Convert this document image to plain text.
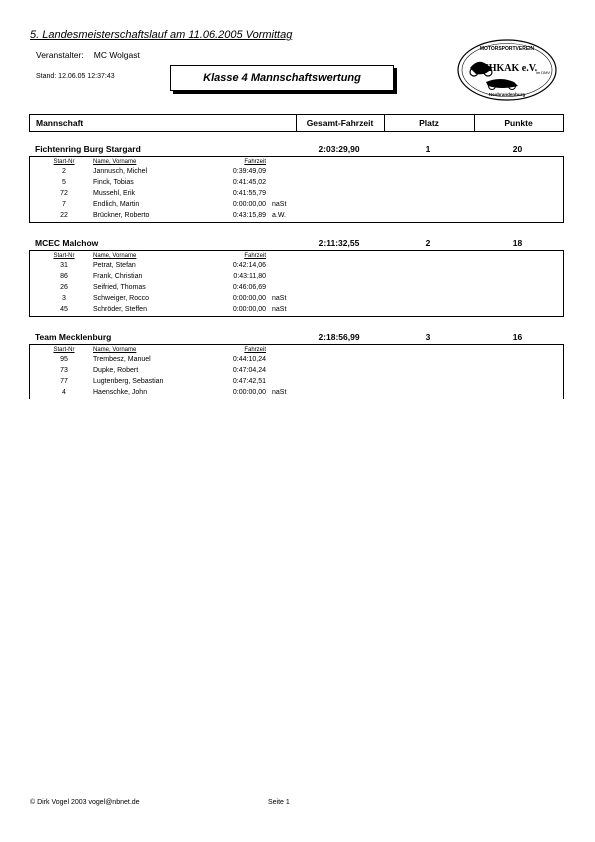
5. Landesmeisterschaftslauf am 11.06.2005 Vormittag
Veranstalter: MC Wolgast
Stand: 12.06.05 12:37:43	Klasse 4 Mannschaftswertung
MOTORSPORTVEREIN
IHKAK e.V.
im DMV
Neubrandenburg
Mannschaft	Gesamt-Fahrzeit	Platz	Punkte
Fichtenring Burg Stargard	2:03:29,90	1	20
Start-Nr	Name, Vorname	Fahrzeit
2	Jannusch, Michel	0:39:49,09
5	Finck, Tobias	0:41:45,02
72	Mussehl, Erik	0:41:55,79
7	Endlich, Martin	0:00:00,00 naSt
22	Brückner, Roberto	0:43:15,89 a.W.
MCEC Malchow	2:11:32,55	2	18
Start-Nr	Name, Vorname	Fahrzeit
31	Petrat, Stefan	0:42:14,06
86	Frank, Christian	0:43:11,80
26	Seifried, Thomas	0:46:06,69
3	Schweiger, Rocco	0:00:00,00 naSt
45	Schröder, Steffen	0:00:00,00 naSt
Team Mecklenburg	2:18:56,99	3	16
Start-Nr	Name, Vorname	Fahrzeit
95	Trembesz, Manuel	0:44:10,24
73	Dupke, Robert	0:47:04,24
77	Lugtenberg, Sebastian	0:47:42,51
4	Haenschke, John	0:00:00,00 naSt
© Dirk Vogel 2003 vogel@nbnet.de	Seite 1
